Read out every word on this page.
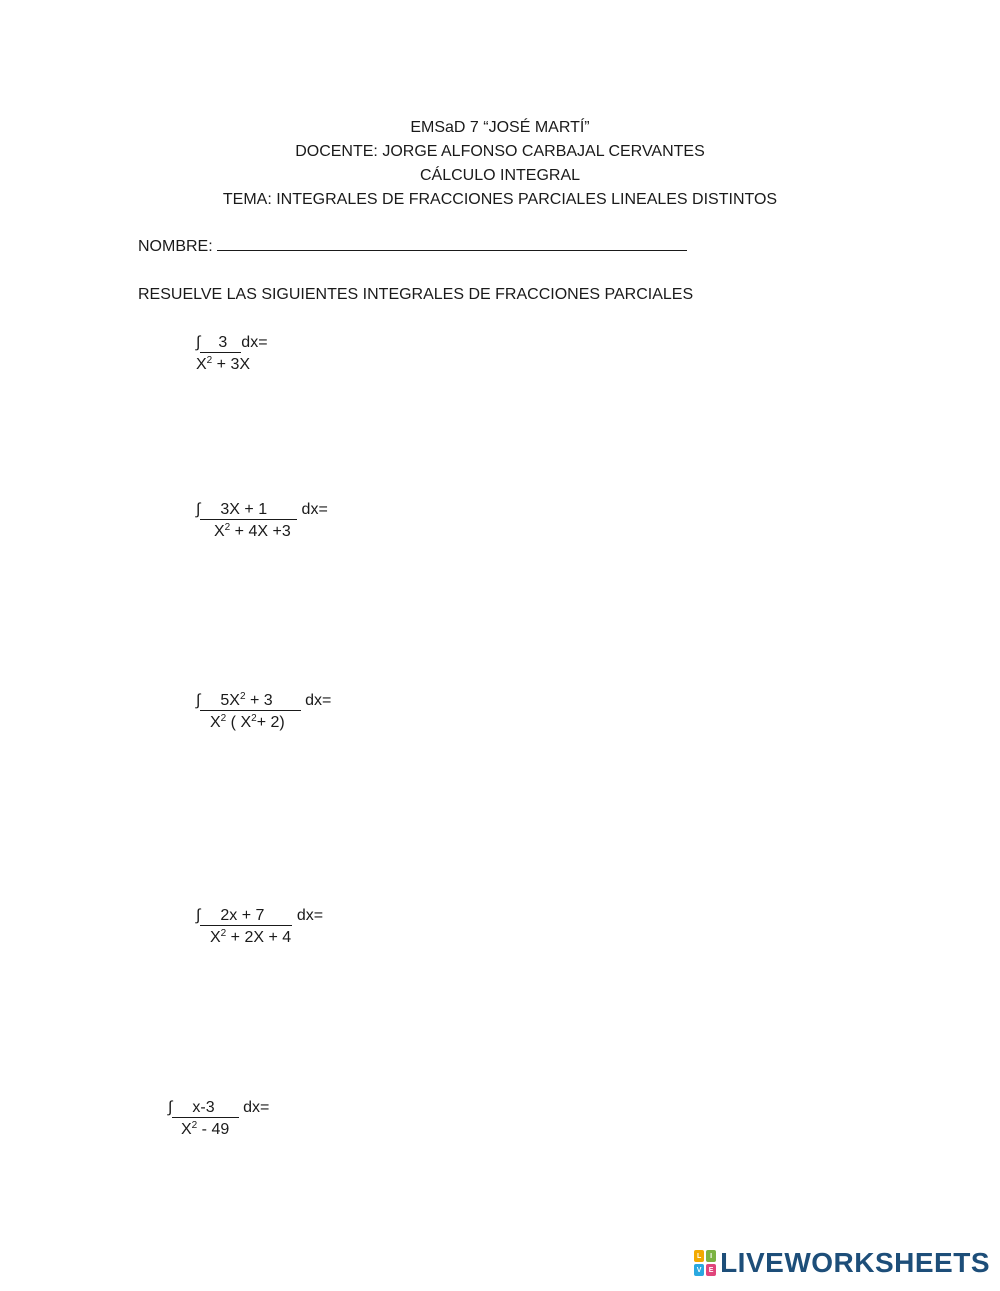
EMSaD 7 “JOSÉ MARTÍ”
DOCENTE: JORGE ALFONSO CARBAJAL CERVANTES
CÁLCULO INTEGRAL
TEMA: INTEGRALES DE FRACCIONES PARCIALES LINEALES DISTINTOS
NOMBRE:
RESUELVE LAS SIGUIENTES INTEGRALES DE FRACCIONES PARCIALES
∫ 3 dx=
$X^2 + 3X$
∫ 3X + 1 dx=
$X^2 + 4X +3$
∫ $5X^2 + 3$ dx=
$X^2$ ( $X^2+ 2$)
∫ 2x + 7 dx=
$X^2 + 2X + 4$
∫ x-3 dx=
$X^2 - 49$
L	I
V	E LIVEWORKSHEETS
